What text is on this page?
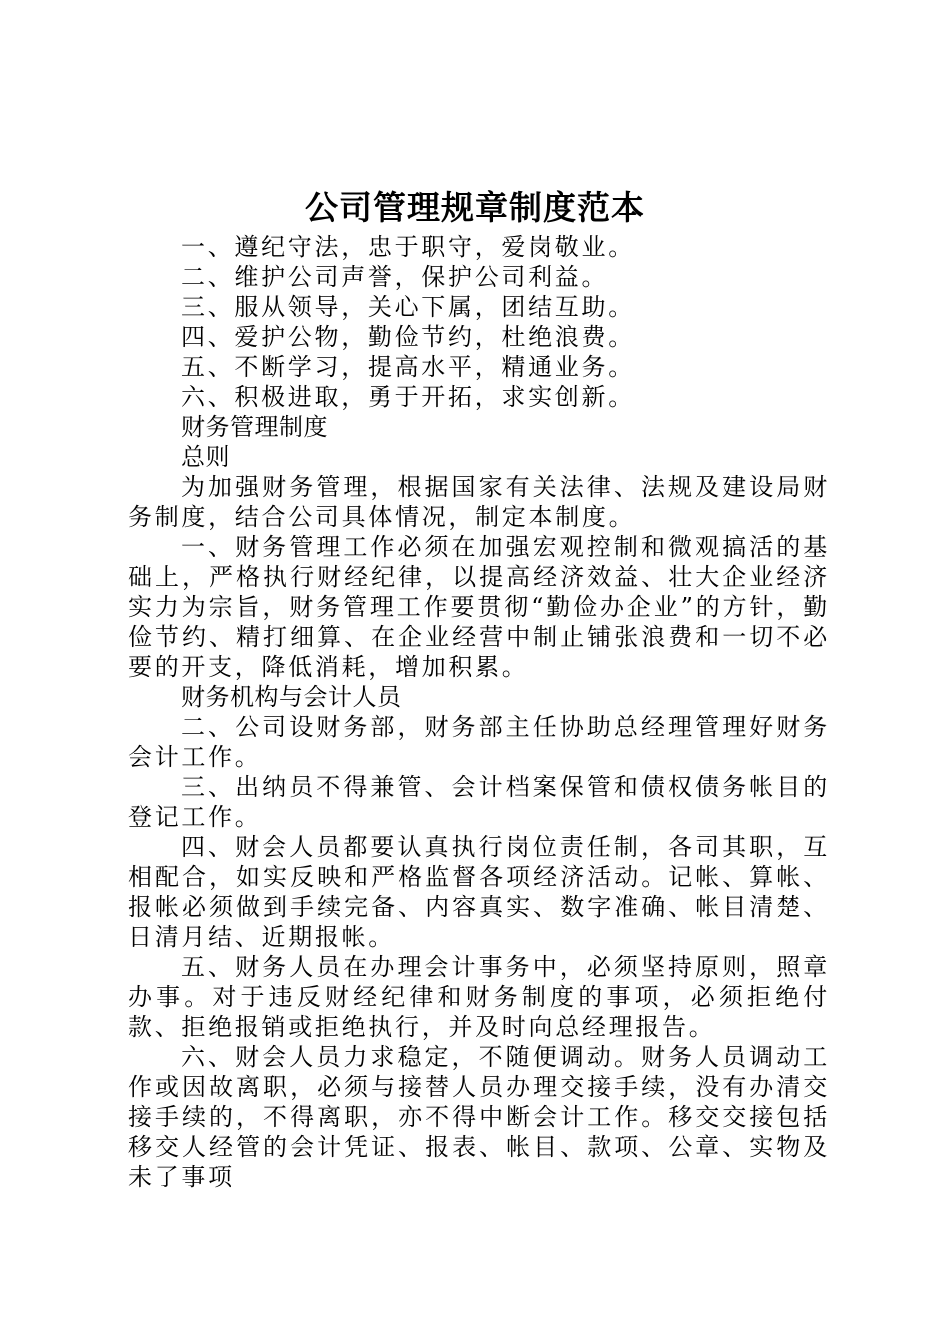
公司管理规章制度范本

一、遵纪守法，忠于职守，爱岗敬业。

二、维护公司声誉，保护公司利益。

三、服从领导，关心下属，团结互助。

四、爱护公物，勤俭节约，杜绝浪费。

五、不断学习，提高水平，精通业务。

六、积极进取，勇于开拓，求实创新。

财务管理制度

总则

为加强财务管理，根据国家有关法律、法规及建设局财务制度，结合公司具体情况，制定本制度。

一、财务管理工作必须在加强宏观控制和微观搞活的基础上，严格执行财经纪律，以提高经济效益、壮大企业经济实力为宗旨，财务管理工作要贯彻“勤俭办企业”的方针，勤俭节约、精打细算、在企业经营中制止铺张浪费和一切不必要的开支，降低消耗，增加积累。

财务机构与会计人员

二、公司设财务部，财务部主任协助总经理管理好财务会计工作。

三、出纳员不得兼管、会计档案保管和债权债务帐目的登记工作。

四、财会人员都要认真执行岗位责任制，各司其职，互相配合，如实反映和严格监督各项经济活动。记帐、算帐、报帐必须做到手续完备、内容真实、数字准确、帐目清楚、日清月结、近期报帐。

五、财务人员在办理会计事务中，必须坚持原则，照章办事。对于违反财经纪律和财务制度的事项，必须拒绝付款、拒绝报销或拒绝执行，并及时向总经理报告。

六、财会人员力求稳定，不随便调动。财务人员调动工作或因故离职，必须与接替人员办理交接手续，没有办清交接手续的，不得离职，亦不得中断会计工作。移交交接包括移交人经管的会计凭证、报表、帐目、款项、公章、实物及未了事项
